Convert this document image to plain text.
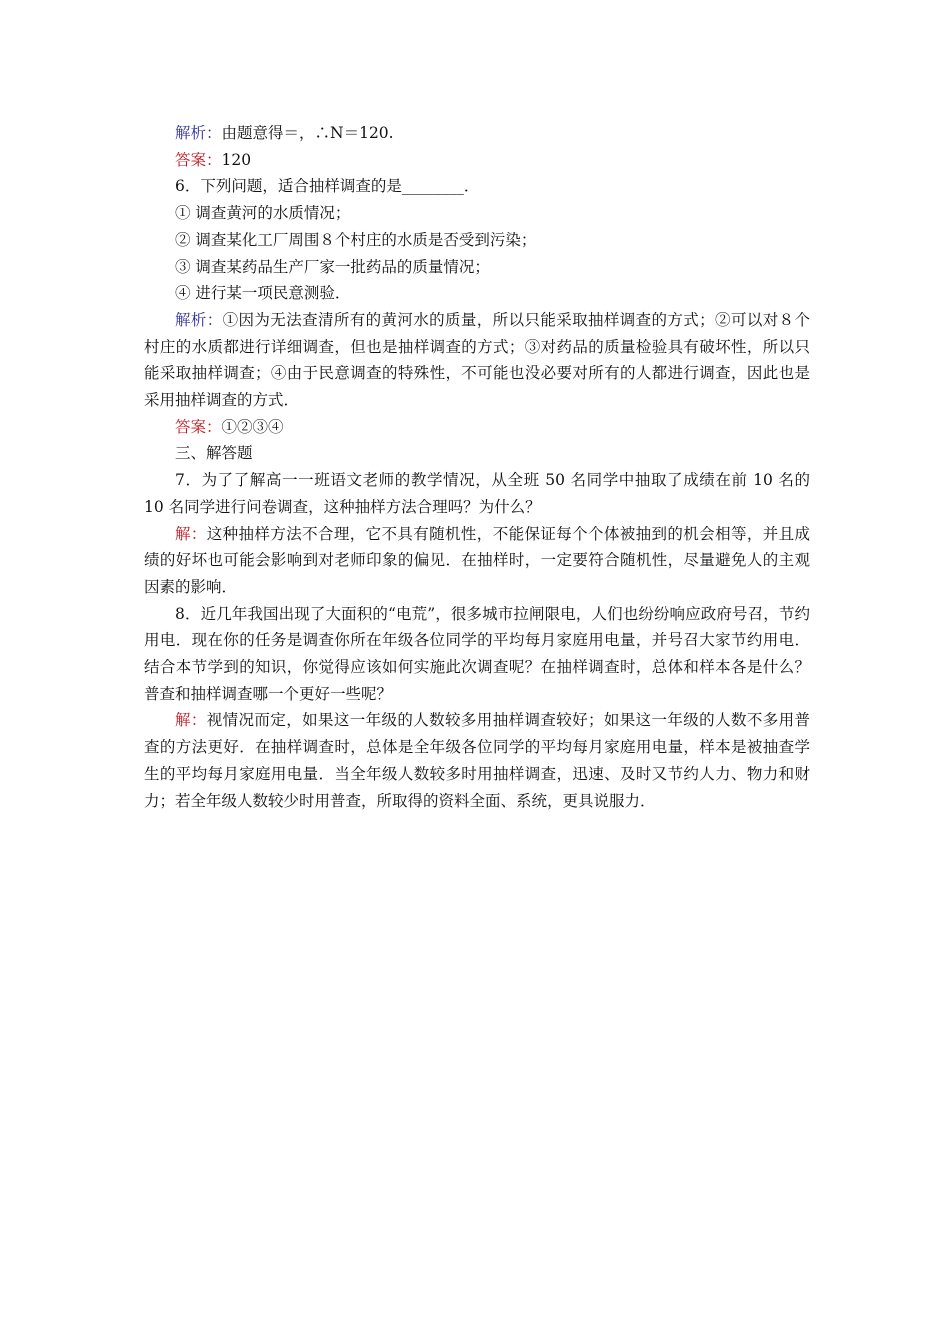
解析：由题意得＝，∴N＝120.

答案：120

6．下列问题，适合抽样调查的是________．

① 调查黄河的水质情况；

② 调查某化工厂周围８个村庄的水质是否受到污染；

③ 调查某药品生产厂家一批药品的质量情况；

④ 进行某一项民意测验．

解析：①因为无法查清所有的黄河水的质量，所以只能采取抽样调查的方式；②可以对８个村庄的水质都进行详细调查，但也是抽样调查的方式；③对药品的质量检验具有破坏性，所以只能采取抽样调查；④由于民意调查的特殊性，不可能也没必要对所有的人都进行调查，因此也是采用抽样调查的方式．

答案：①②③④

三、解答题

7．为了了解高一一班语文老师的教学情况，从全班 50 名同学中抽取了成绩在前 10 名的 10 名同学进行问卷调查，这种抽样方法合理吗？为什么？

解：这种抽样方法不合理，它不具有随机性，不能保证每个个体被抽到的机会相等，并且成绩的好坏也可能会影响到对老师印象的偏见．在抽样时，一定要符合随机性，尽量避免人的主观因素的影响．

8．近几年我国出现了大面积的“电荒”，很多城市拉闸限电，人们也纷纷响应政府号召，节约用电．现在你的任务是调查你所在年级各位同学的平均每月家庭用电量，并号召大家节约用电．结合本节学到的知识，你觉得应该如何实施此次调查呢？在抽样调查时，总体和样本各是什么？普查和抽样调查哪一个更好一些呢？

解：视情况而定，如果这一年级的人数较多用抽样调查较好；如果这一年级的人数不多用普查的方法更好．在抽样调查时，总体是全年级各位同学的平均每月家庭用电量，样本是被抽查学生的平均每月家庭用电量．当全年级人数较多时用抽样调查，迅速、及时又节约人力、物力和财力；若全年级人数较少时用普查，所取得的资料全面、系统，更具说服力．
